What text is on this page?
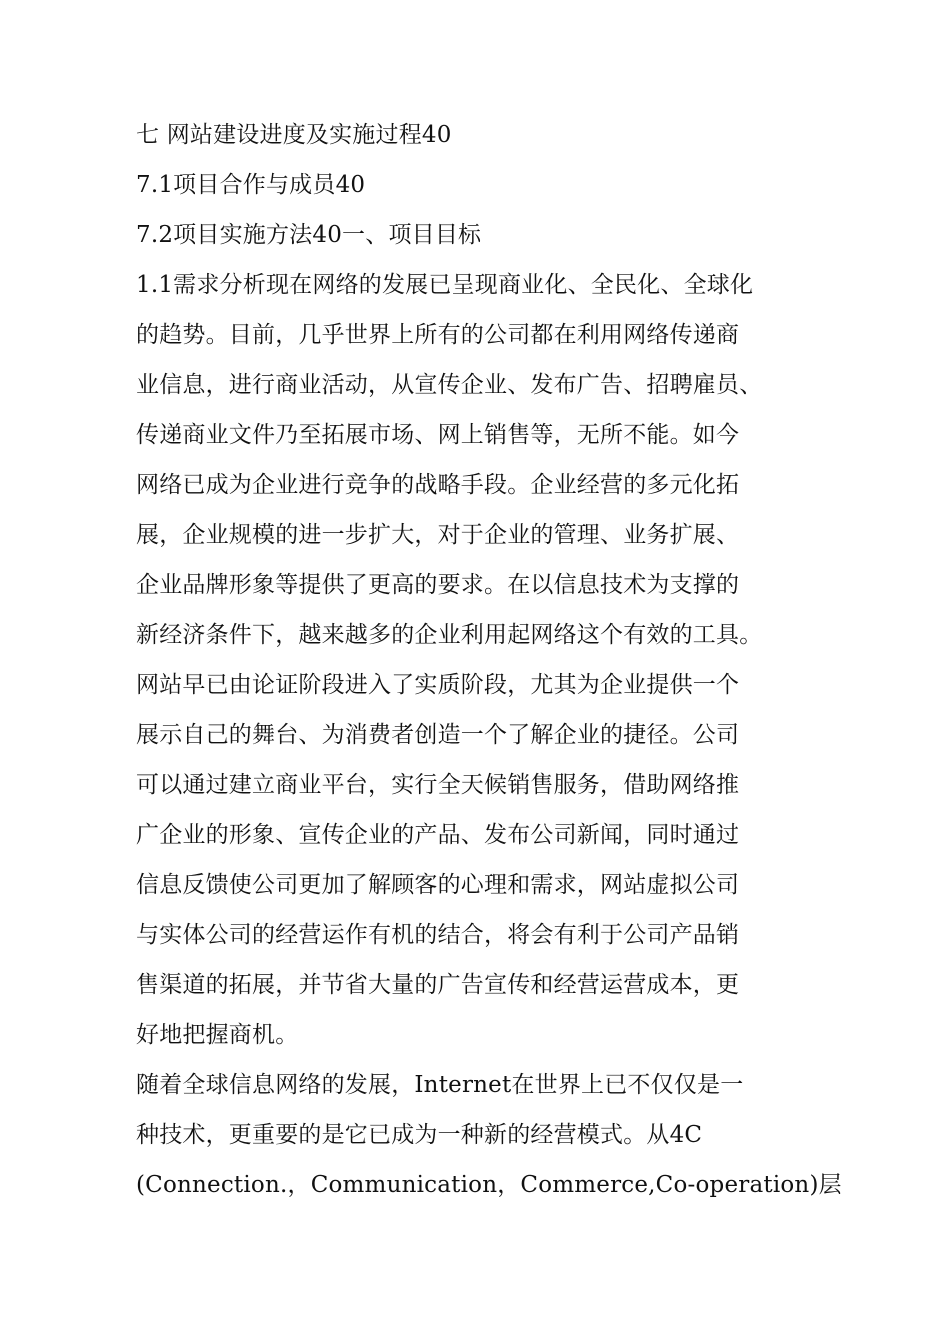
七 网站建设进度及实施过程40
7.1项目合作与成员40
7.2项目实施方法40一、项目目标
1.1需求分析现在网络的发展已呈现商业化、全民化、全球化
的趋势。目前，几乎世界上所有的公司都在利用网络传递商
业信息，进行商业活动，从宣传企业、发布广告、招聘雇员、
传递商业文件乃至拓展市场、网上销售等，无所不能。如今
网络已成为企业进行竞争的战略手段。企业经营的多元化拓
展，企业规模的进一步扩大，对于企业的管理、业务扩展、
企业品牌形象等提供了更高的要求。在以信息技术为支撑的
新经济条件下，越来越多的企业利用起网络这个有效的工具。
网站早已由论证阶段进入了实质阶段，尤其为企业提供一个
展示自己的舞台、为消费者创造一个了解企业的捷径。公司
可以通过建立商业平台，实行全天候销售服务，借助网络推
广企业的形象、宣传企业的产品、发布公司新闻，同时通过
信息反馈使公司更加了解顾客的心理和需求，网站虚拟公司
与实体公司的经营运作有机的结合，将会有利于公司产品销
售渠道的拓展，并节省大量的广告宣传和经营运营成本，更
好地把握商机。
随着全球信息网络的发展，Internet在世界上已不仅仅是一
种技术，更重要的是它已成为一种新的经营模式。从4C
(Connection.，Communication，Commerce,Co-operation)层
